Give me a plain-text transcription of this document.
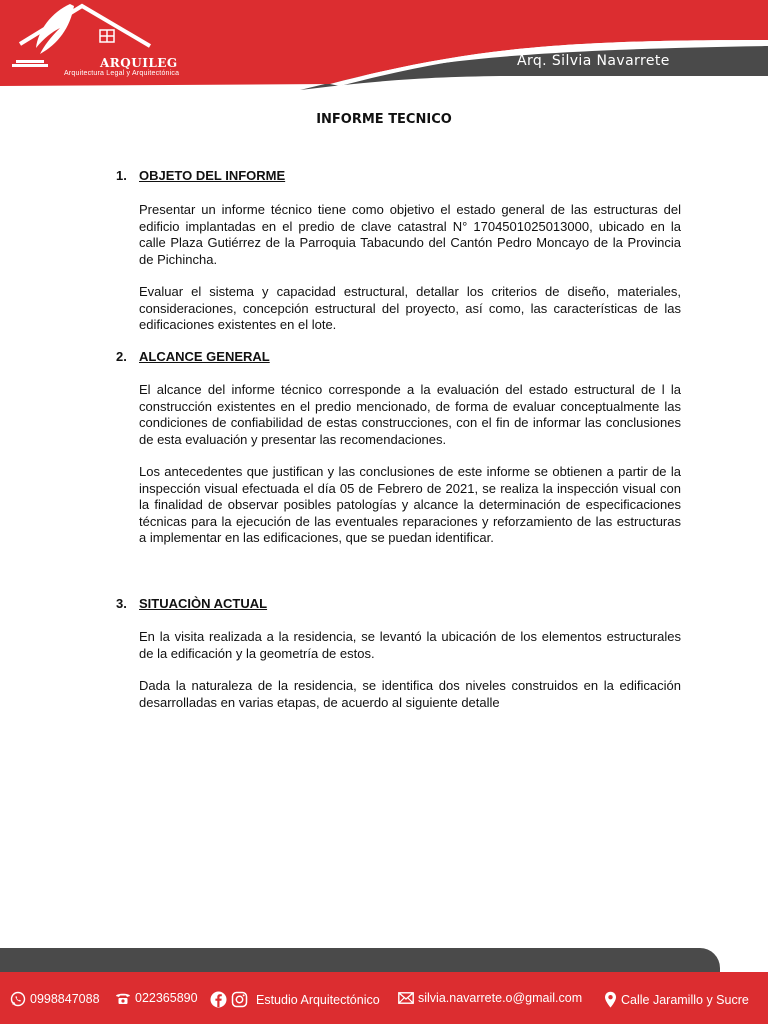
ARQUILEG
Arquitectura Legal y Arquitectónica
Arq. Silvia Navarrete
INFORME TECNICO
1. OBJETO DEL INFORME
Presentar un informe técnico tiene como objetivo el estado general de las estructuras del edificio implantadas en el predio de clave catastral N° 1704501025013000, ubicado en la calle Plaza Gutiérrez de la Parroquia Tabacundo del Cantón Pedro Moncayo de la Provincia de Pichincha.
Evaluar el sistema y capacidad estructural, detallar los criterios de diseño, materiales, consideraciones, concepción estructural del proyecto, así como, las características de las edificaciones existentes en el lote.
2. ALCANCE GENERAL
El alcance del informe técnico corresponde a la evaluación del estado estructural de l la construcción existentes en el predio mencionado, de forma de evaluar conceptualmente las condiciones de confiabilidad de estas construcciones, con el fin de informar las conclusiones de esta evaluación y presentar las recomendaciones.
Los antecedentes que justifican y las conclusiones de este informe se obtienen a partir de la inspección visual efectuada el día 05 de Febrero de 2021, se realiza la inspección visual con la finalidad de observar posibles patologías y alcance la determinación de especificaciones técnicas para la ejecución de las eventuales reparaciones y reforzamiento de las estructuras a implementar en las edificaciones, que se puedan identificar.
3. SITUACIÒN ACTUAL
En la visita realizada a la residencia, se levantó la ubicación de los elementos estructurales de la edificación y la geometría de estos.
Dada la naturaleza de la residencia, se identifica dos niveles construidos en la edificación desarrolladas en varias etapas, de acuerdo al siguiente detalle
0998847088	022365890	Estudio Arquitectónico	silvia.navarrete.o@gmail.com	Calle Jaramillo y Sucre
